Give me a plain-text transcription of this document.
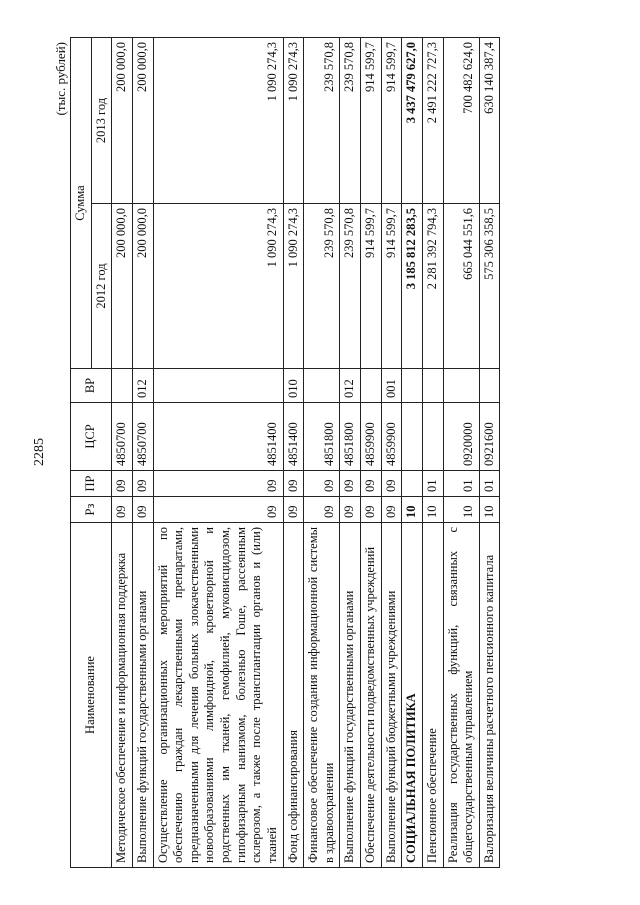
2285
(тыс. рублей)
Наименование	Рз	ПР	ЦСР	ВР	Сумма	
					2012 год	2013 год
Методическое обеспечение и информационная поддержка	09	09	4850700		200 000,0	200 000,0
Выполнение функций государственными органами	09	09	4850700	012	200 000,0	200 000,0
Осуществление организационных мероприятий по обеспечению граждан лекарственными препаратами, предназначенными для лечения больных злокачественными новообразованиями лимфоидной, кроветворной и родственных им тканей, гемофилией, муковисцидозом, гипофизарным нанизмом, болезнью Гоше, рассеянным склерозом, а также после трансплантации органов и (или) тканей	09	09	4851400		1 090 274,3	1 090 274,3
Фонд софинансирования	09	09	4851400	010	1 090 274,3	1 090 274,3
Финансовое обеспечение создания информационной системы в здравоохранении	09	09	4851800		239 570,8	239 570,8
Выполнение функций государственными органами	09	09	4851800	012	239 570,8	239 570,8
Обеспечение деятельности подведомственных учреждений	09	09	4859900		914 599,7	914 599,7
Выполнение функций бюджетными учреждениями	09	09	4859900	001	914 599,7	914 599,7
СОЦИАЛЬНАЯ ПОЛИТИКА	10				3 185 812 283,5	3 437 479 627,0
Пенсионное обеспечение	10	01			2 281 392 794,3	2 491 222 727,3
Реализация государственных функций, связанных с общегосударственным управлением	10	01	0920000		665 044 551,6	700 482 624,0
Валоризация величины расчетного пенсионного капитала	10	01	0921600		575 306 358,5	630 140 387,4
